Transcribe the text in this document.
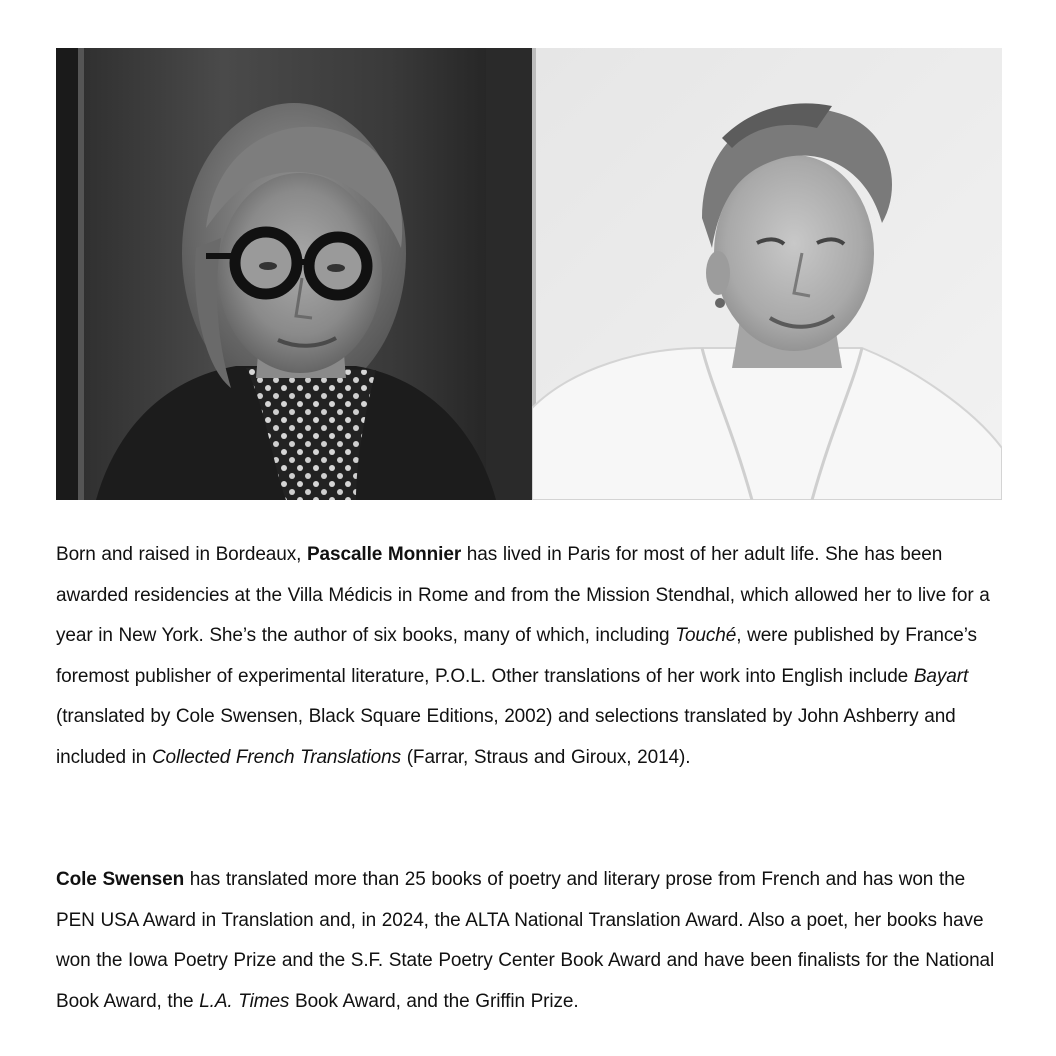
Born and raised in Bordeaux, Pascalle Monnier has lived in Paris for most of her adult life. She has been awarded residencies at the Villa Médicis in Rome and from the Mission Stendhal, which allowed her to live for a year in New York. She’s the author of six books, many of which, including Touché, were published by France’s foremost publisher of experimental literature, P.O.L. Other translations of her work into English include Bayart (translated by Cole Swensen, Black Square Editions, 2002) and selections translated by John Ashberry and included in Collected French Translations (Farrar, Straus and Giroux, 2014).

Cole Swensen has translated more than 25 books of poetry and literary prose from French and has won the PEN USA Award in Translation and, in 2024, the ALTA National Translation Award. Also a poet, her books have won the Iowa Poetry Prize and the S.F. State Poetry Center Book Award and have been finalists for the National Book Award, the L.A. Times Book Award, and the Griffin Prize.
